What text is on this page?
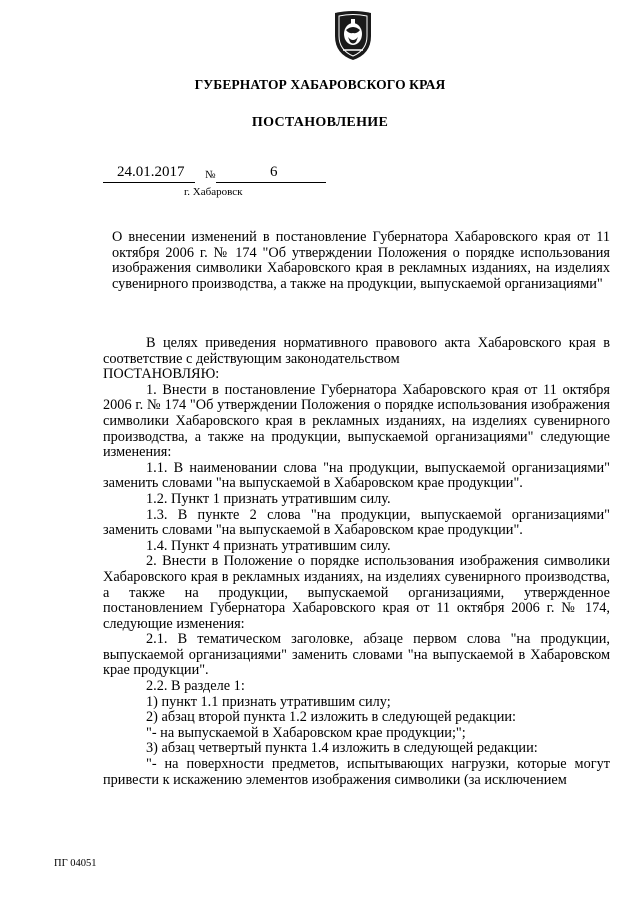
ГУБЕРНАТОР ХАБАРОВСКОГО КРАЯ
ПОСТАНОВЛЕНИЕ
24.01.2017 №	6
г. Хабаровск
О внесении изменений в постановление Губернатора Хабаровского края от 11 октября 2006 г. № 174 "Об утверждении Положения о порядке использования изображения символики Хабаровского края в рекламных изданиях, на изделиях сувенирного производства, а также на продукции, выпускаемой организациями"

В целях приведения нормативного правового акта Хабаровского края в соответствие с действующим законодательством

ПОСТАНОВЛЯЮ:

1. Внести в постановление Губернатора Хабаровского края от 11 октября 2006 г. № 174 "Об утверждении Положения о порядке использования изображения символики Хабаровского края в рекламных изданиях, на изделиях сувенирного производства, а также на продукции, выпускаемой организациями" следующие изменения:

1.1. В наименовании слова "на продукции, выпускаемой организациями" заменить словами "на выпускаемой в Хабаровском крае продукции".

1.2. Пункт 1 признать утратившим силу.

1.3. В пункте 2 слова "на продукции, выпускаемой организациями" заменить словами "на выпускаемой в Хабаровском крае продукции".

1.4. Пункт 4 признать утратившим силу.

2. Внести в Положение о порядке использования изображения символики Хабаровского края в рекламных изданиях, на изделиях сувенирного производства, а также на продукции, выпускаемой организациями, утвержденное постановлением Губернатора Хабаровского края от 11 октября 2006 г. № 174, следующие изменения:

2.1. В тематическом заголовке, абзаце первом слова "на продукции, выпускаемой организациями" заменить словами "на выпускаемой в Хабаровском крае продукции".

2.2. В разделе 1:

1) пункт 1.1 признать утратившим силу;

2) абзац второй пункта 1.2 изложить в следующей редакции:

"- на выпускаемой в Хабаровском крае продукции;";

3) абзац четвертый пункта 1.4 изложить в следующей редакции:

"- на поверхности предметов, испытывающих нагрузки, которые могут привести к искажению элементов изображения символики (за исключением

ПГ 04051
